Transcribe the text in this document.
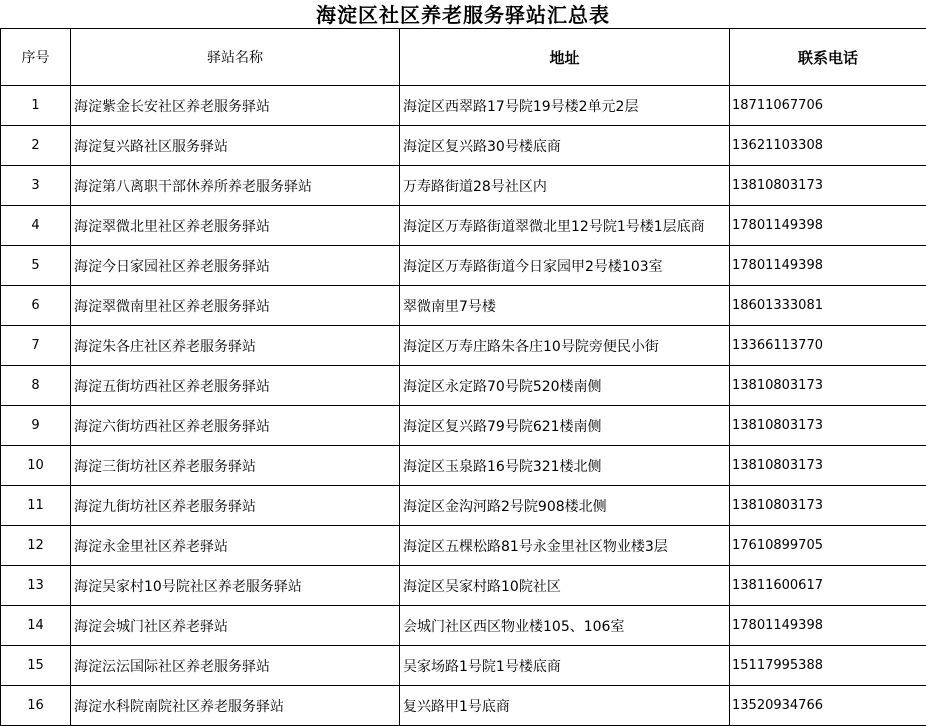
海淀区社区养老服务驿站汇总表
序号	驿站名称	地址	联系电话
1	海淀紫金长安社区养老服务驿站	海淀区西翠路17号院19号楼2单元2层	18711067706
2	海淀复兴路社区服务驿站	海淀区复兴路30号楼底商	13621103308
3	海淀第八离职干部休养所养老服务驿站	万寿路街道28号社区内	13810803173
4	海淀翠微北里社区养老服务驿站	海淀区万寿路街道翠微北里12号院1号楼1层底商	17801149398
5	海淀今日家园社区养老服务驿站	海淀区万寿路街道今日家园甲2号楼103室	17801149398
6	海淀翠微南里社区养老服务驿站	翠微南里7号楼	18601333081
7	海淀朱各庄社区养老服务驿站	海淀区万寿庄路朱各庄10号院旁便民小街	13366113770
8	海淀五街坊西社区养老服务驿站	海淀区永定路70号院520楼南侧	13810803173
9	海淀六街坊西社区养老服务驿站	海淀区复兴路79号院621楼南侧	13810803173
10	海淀三街坊社区养老服务驿站	海淀区玉泉路16号院321楼北侧	13810803173
11	海淀九街坊社区养老服务驿站	海淀区金沟河路2号院908楼北侧	13810803173
12	海淀永金里社区养老驿站	海淀区五棵松路81号永金里社区物业楼3层	17610899705
13	海淀吴家村10号院社区养老服务驿站	海淀区吴家村路10院社区	13811600617
14	海淀会城门社区养老驿站	会城门社区西区物业楼105、106室	17801149398
15	海淀沄沄国际社区养老服务驿站	吴家场路1号院1号楼底商	15117995388
16	海淀水科院南院社区养老服务驿站	复兴路甲1号底商	13520934766
